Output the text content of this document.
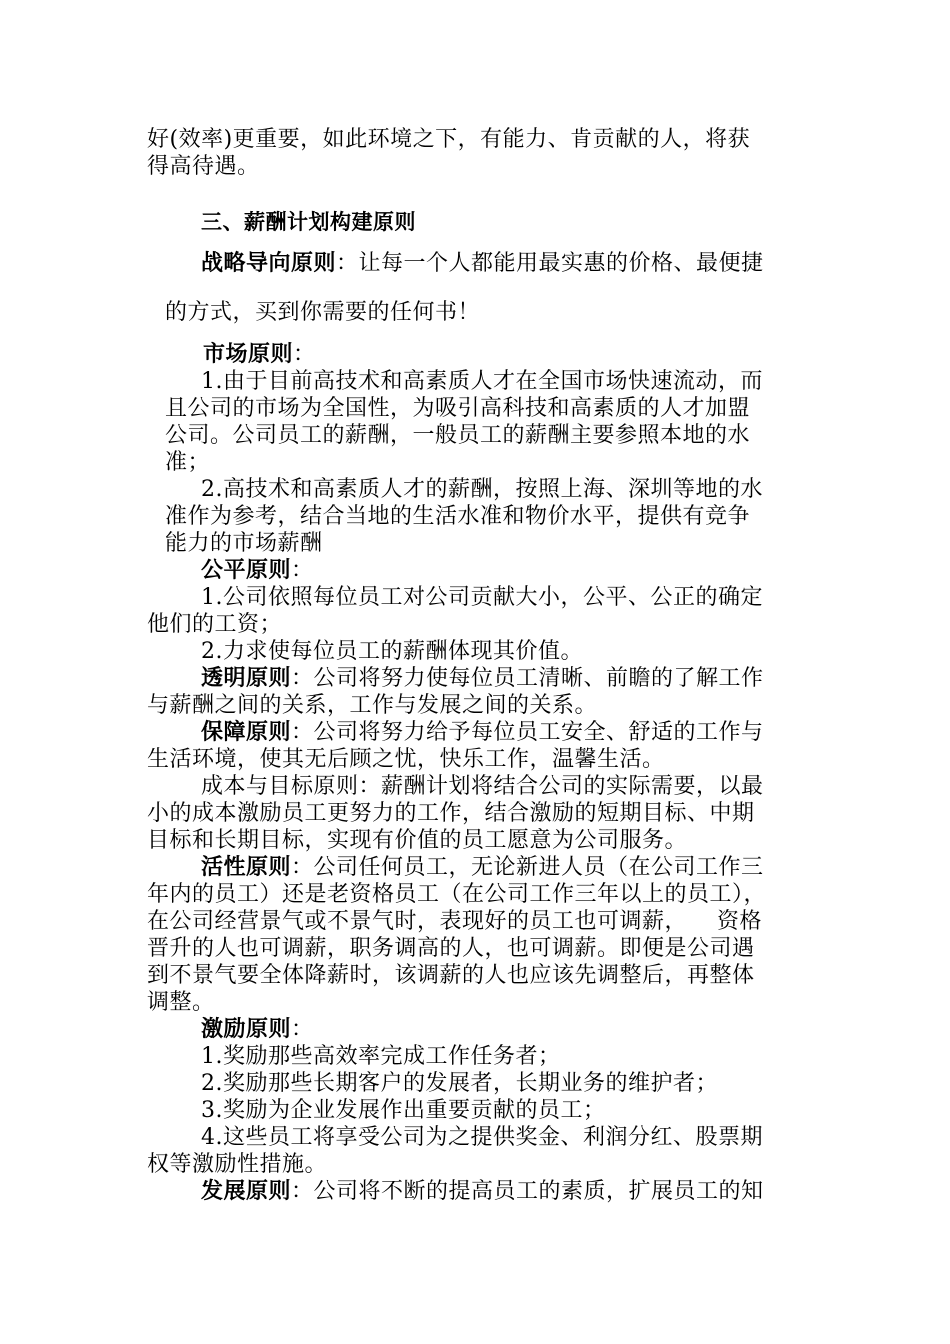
好(效率)更重要，如此环境之下，有能力、肯贡献的人，将获
得高待遇。
三、薪酬计划构建原则
战略导向原则：让每一个人都能用最实惠的价格、最便捷
的方式，买到你需要的任何书！
市场原则：
1.由于目前高技术和高素质人才在全国市场快速流动，而
且公司的市场为全国性，为吸引高科技和高素质的人才加盟
公司。公司员工的薪酬，一般员工的薪酬主要参照本地的水
准；
2.高技术和高素质人才的薪酬，按照上海、深圳等地的水
准作为参考，结合当地的生活水准和物价水平，提供有竞争
能力的市场薪酬
公平原则：
1.公司依照每位员工对公司贡献大小，公平、公正的确定
他们的工资；
2.力求使每位员工的薪酬体现其价值。
透明原则：公司将努力使每位员工清晰、前瞻的了解工作
与薪酬之间的关系，工作与发展之间的关系。
保障原则：公司将努力给予每位员工安全、舒适的工作与
生活环境，使其无后顾之忧，快乐工作，温馨生活。
成本与目标原则：薪酬计划将结合公司的实际需要，以最
小的成本激励员工更努力的工作，结合激励的短期目标、中期
目标和长期目标，实现有价值的员工愿意为公司服务。
活性原则：公司任何员工，无论新进人员（在公司工作三
年内的员工）还是老资格员工（在公司工作三年以上的员工），
在公司经营景气或不景气时，表现好的员工也可调薪，    资格
晋升的人也可调薪，职务调高的人，也可调薪。即便是公司遇
到不景气要全体降薪时，该调薪的人也应该先调整后，再整体
调整。
激励原则：
1.奖励那些高效率完成工作任务者；
2.奖励那些长期客户的发展者，长期业务的维护者；
3.奖励为企业发展作出重要贡献的员工；
4.这些员工将享受公司为之提供奖金、利润分红、股票期
权等激励性措施。
发展原则：公司将不断的提高员工的素质，扩展员工的知
